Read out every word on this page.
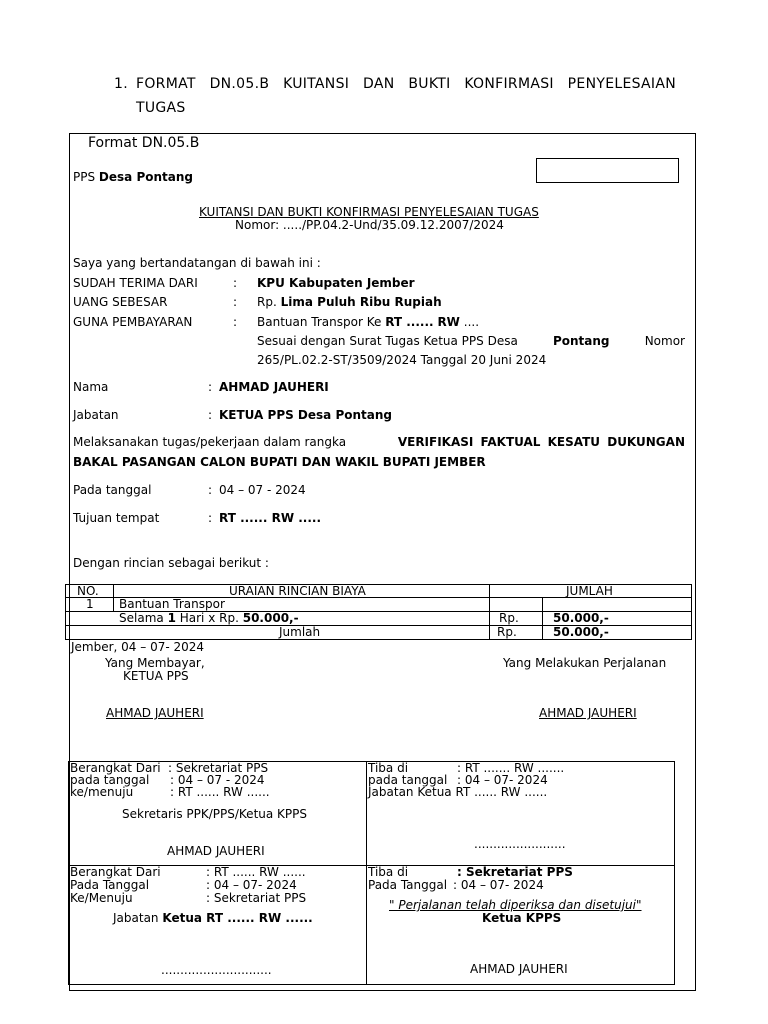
1. FORMAT DN.05.B KUITANSI DAN BUKTI KONFIRMASI PENYELESAIAN
TUGAS
Format DN.05.B
PPS Desa Pontang
KUITANSI DAN BUKTI KONFIRMASI PENYELESAIAN TUGAS
Nomor: ...../PP.04.2-Und/35.09.12.2007/2024
Saya yang bertandatangan di bawah ini :
SUDAH TERIMA DARI	: KPU Kabupaten Jember
UANG SEBESAR	: Rp. Lima Puluh Ribu Rupiah
GUNA PEMBAYARAN	: Bantuan Transpor Ke RT ...... RW ....
Sesuai dengan Surat Tugas Ketua PPS Desa	Pontang	Nomor
265/PL.02.2-ST/3509/2024 Tanggal 20 Juni 2024
Nama	: AHMAD JAUHERI
Jabatan	: KETUA PPS Desa Pontang
Melaksanakan tugas/pekerjaan dalam rangka	VERIFIKASI FAKTUAL KESATU DUKUNGAN
BAKAL PASANGAN CALON BUPATI DAN WAKIL BUPATI JEMBER
Pada tanggal	: 04 – 07 - 2024
Tujuan tempat	: RT ...... RW .....
Dengan rincian sebagai berikut :
NO.	URAIAN RINCIAN BIAYA	JUMLAH
1 Bantuan Transpor
Selama 1 Hari x Rp. 50.000,-	Rp.	50.000,-
Jumlah	Rp.	50.000,-
Jember, 04 – 07- 2024
Yang Membayar,
KETUA PPS
AHMAD JAUHERI
Yang Melakukan Perjalanan
AHMAD JAUHERI
Berangkat Dari : Sekretariat PPS
pada tanggal : 04 – 07 - 2024
ke/menuju	: RT ...... RW ......
Sekretaris PPK/PPS/Ketua KPPS
AHMAD JAUHERI
Tiba di	: RT ....... RW .......
pada tanggal : 04 – 07- 2024
Jabatan Ketua RT ...... RW ......
........................
Berangkat Dari	: RT ...... RW ......
Pada Tanggal	: 04 – 07- 2024
Ke/Menuju	: Sekretariat PPS
Jabatan Ketua RT ...... RW ......
.............................
Tiba di	: Sekretariat PPS
Pada Tanggal : 04 – 07- 2024
" Perjalanan telah diperiksa dan disetujui"
Ketua KPPS
AHMAD JAUHERI
